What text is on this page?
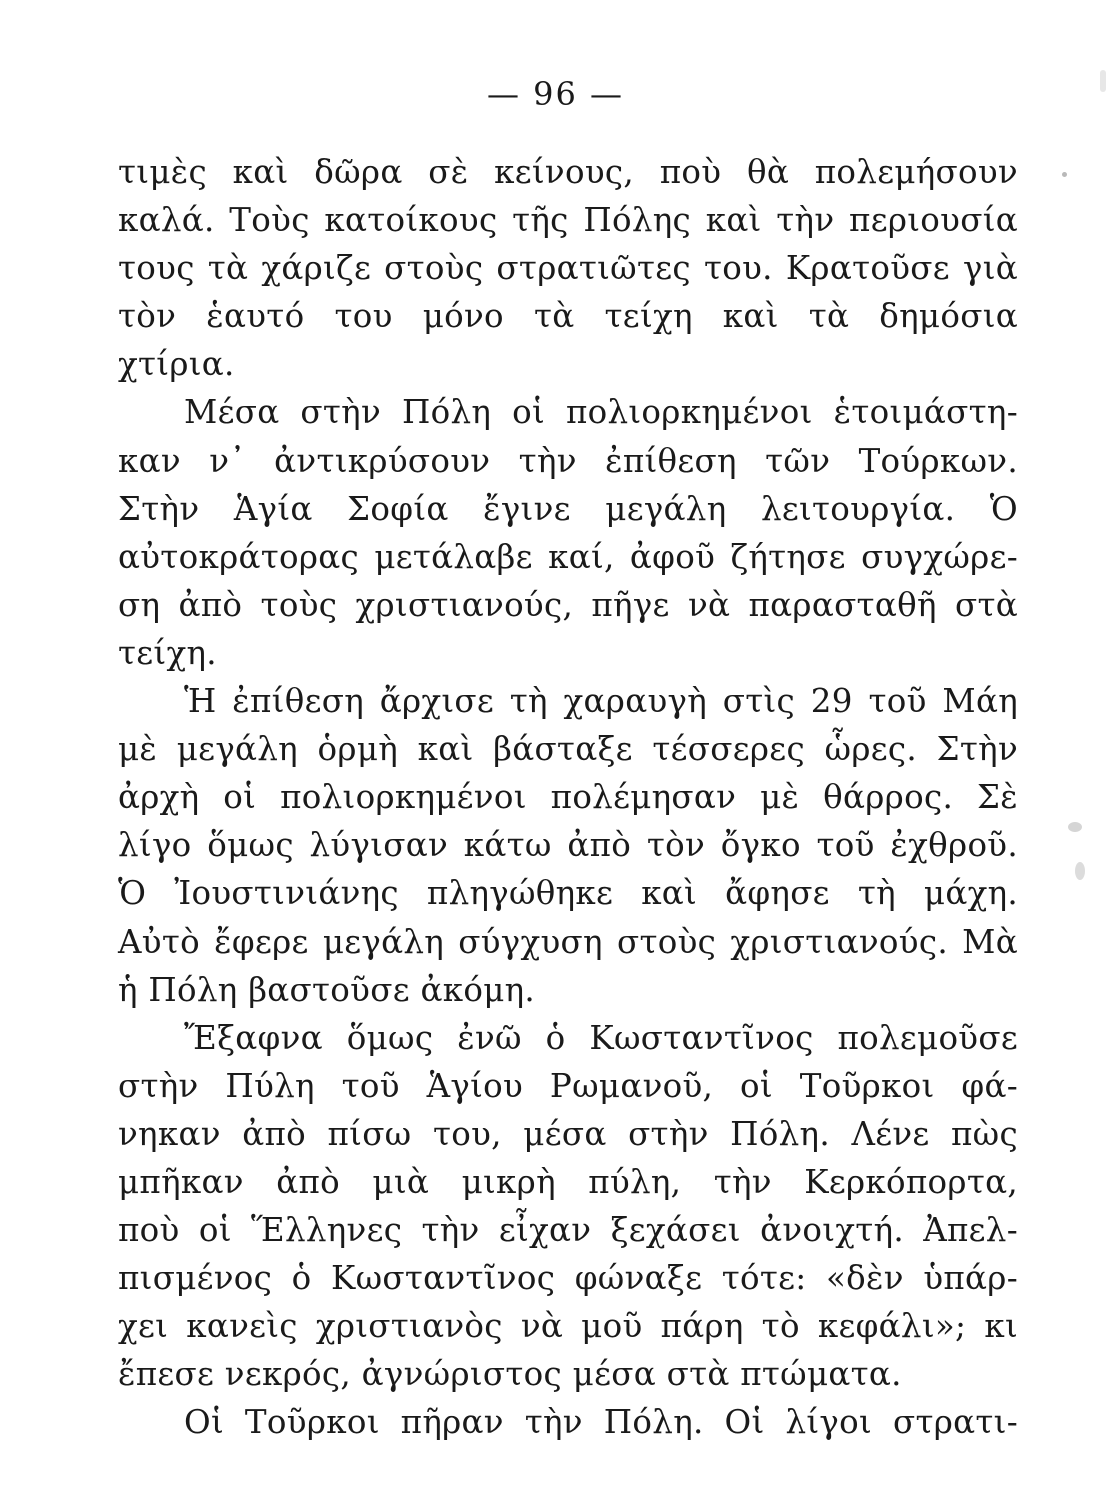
— 96 —
τιμὲς καὶ δῶρα σὲ κείνους, ποὺ θὰ πολεμήσουν
καλά. Τοὺς κατοίκους τῆς Πόλης καὶ τὴν περιουσία
τους τὰ χάριζε στοὺς στρατιῶτες του. Κρατοῦσε γιὰ
τὸν ἑαυτό του μόνο τὰ τείχη καὶ τὰ δημόσια
χτίρια.
Μέσα στὴν Πόλη οἱ πολιορκημένοι ἑτοιμάστη-
καν ν᾽ ἀντικρύσουν τὴν ἐπίθεση τῶν Τούρκων.
Στὴν Ἁγία Σοφία ἔγινε μεγάλη λειτουργία. Ὁ
αὐτοκράτορας μετάλαβε καί, ἀφοῦ ζήτησε συγχώρε-
ση ἀπὸ τοὺς χριστιανούς, πῆγε νὰ παρασταθῆ στὰ
τείχη.
Ἡ ἐπίθεση ἄρχισε τὴ χαραυγὴ στὶς 29 τοῦ Μάη
μὲ μεγάλη ὁρμὴ καὶ βάσταξε τέσσερες ὧρες. Στὴν
ἀρχὴ οἱ πολιορκημένοι πολέμησαν μὲ θάρρος. Σὲ
λίγο ὅμως λύγισαν κάτω ἀπὸ τὸν ὄγκο τοῦ ἐχθροῦ.
Ὁ Ἰουστινιάνης πληγώθηκε καὶ ἄφησε τὴ μάχη.
Αὐτὸ ἔφερε μεγάλη σύγχυση στοὺς χριστιανούς. Μὰ
ἡ Πόλη βαστοῦσε ἀκόμη.
Ἔξαφνα ὅμως ἐνῶ ὁ Κωσταντῖνος πολεμοῦσε
στὴν Πύλη τοῦ Ἁγίου Ρωμανοῦ, οἱ Τοῦρκοι φά-
νηκαν ἀπὸ πίσω του, μέσα στὴν Πόλη. Λένε πὼς
μπῆκαν ἀπὸ μιὰ μικρὴ πύλη, τὴν Κερκόπορτα,
ποὺ οἱ Ἕλληνες τὴν εἶχαν ξεχάσει ἀνοιχτή. Ἀπελ-
πισμένος ὁ Κωσταντῖνος φώναξε τότε: «δὲν ὑπάρ-
χει κανεὶς χριστιανὸς νὰ μοῦ πάρη τὸ κεφάλι»; κι
ἔπεσε νεκρός, ἀγνώριστος μέσα στὰ πτώματα.
Οἱ Τοῦρκοι πῆραν τὴν Πόλη. Οἱ λίγοι στρατι-
